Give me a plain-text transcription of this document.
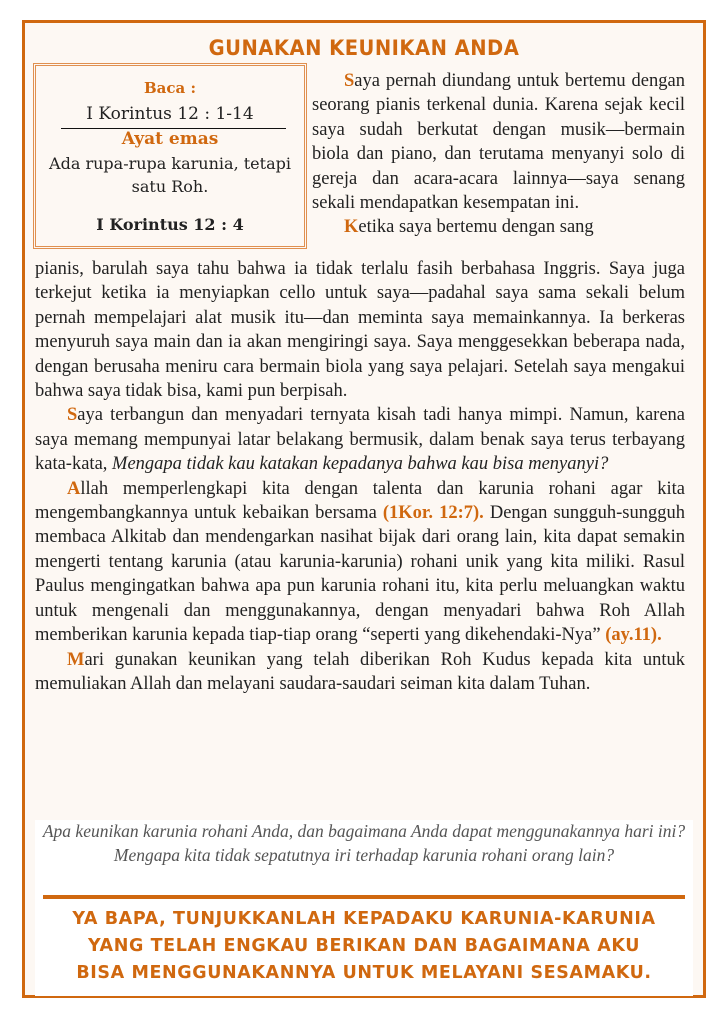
GUNAKAN KEUNIKAN ANDA
Baca :
I Korintus 12 : 1-14
Ayat emas
Ada rupa-rupa karunia, tetapi satu Roh.
I Korintus 12 : 4

Saya pernah diundang untuk bertemu dengan seorang pianis terkenal dunia. Karena sejak kecil saya sudah berkutat dengan musik—bermain biola dan piano, dan terutama menyanyi solo di gereja dan acara-acara lainnya—saya senang sekali mendapatkan kesempatan ini.

Ketika saya bertemu dengan sang

pianis, barulah saya tahu bahwa ia tidak terlalu fasih berbahasa Inggris. Saya juga terkejut ketika ia menyiapkan cello untuk saya—padahal saya sama sekali belum pernah mempelajari alat musik itu—dan meminta saya memainkannya. Ia berkeras menyuruh saya main dan ia akan mengiringi saya. Saya menggesekkan beberapa nada, dengan berusaha meniru cara bermain biola yang saya pelajari. Setelah saya mengakui bahwa saya tidak bisa, kami pun berpisah.

Saya terbangun dan menyadari ternyata kisah tadi hanya mimpi. Namun, karena saya memang mempunyai latar belakang bermusik, dalam benak saya terus terbayang kata-kata, Mengapa tidak kau katakan kepadanya bahwa kau bisa menyanyi?

Allah memperlengkapi kita dengan talenta dan karunia rohani agar kita mengembangkannya untuk kebaikan bersama (1Kor. 12:7). Dengan sungguh-sungguh membaca Alkitab dan mendengarkan nasihat bijak dari orang lain, kita dapat semakin mengerti tentang karunia (atau karunia-karunia) rohani unik yang kita miliki. Rasul Paulus mengingatkan bahwa apa pun karunia rohani itu, kita perlu meluangkan waktu untuk mengenali dan menggunakannya, dengan menyadari bahwa Roh Allah memberikan karunia kepada tiap-tiap orang “seperti yang dikehendaki-Nya” (ay.11).

Mari gunakan keunikan yang telah diberikan Roh Kudus kepada kita untuk memuliakan Allah dan melayani saudara-saudari seiman kita dalam Tuhan.

Apa keunikan karunia rohani Anda, dan bagaimana Anda dapat menggunakannya hari ini? Mengapa kita tidak sepatutnya iri terhadap karunia rohani orang lain?
YA BAPA, TUNJUKKANLAH KEPADAKU KARUNIA-KARUNIA
YANG TELAH ENGKAU BERIKAN DAN BAGAIMANA AKU
BISA MENGGUNAKANNYA UNTUK MELAYANI SESAMAKU.
